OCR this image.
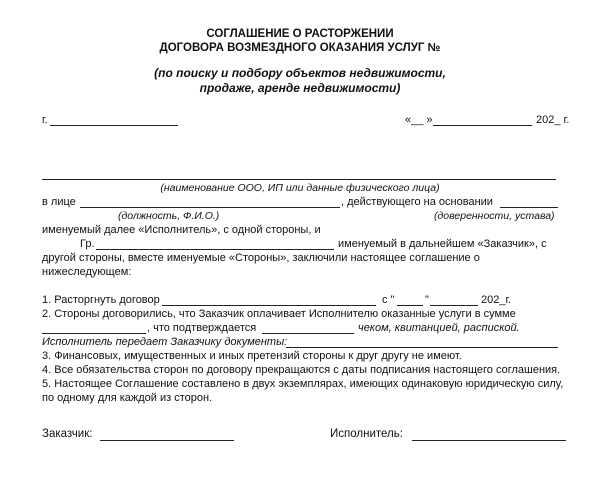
СОГЛАШЕНИЕ О РАСТОРЖЕНИИ
ДОГОВОРА ВОЗМЕЗДНОГО ОКАЗАНИЯ УСЛУГ №
(по поиску и подбору объектов недвижимости,
продаже, аренде недвижимости)
г.	«__ »	202_ г.
(наименование ООО, ИП или данные физического лица)
в лице	, действующего на основании
(должность, Ф.И.О.)	(доверенности, устава)
именуемый далее «Исполнитель», с одной стороны, и
Гр.	именуемый в дальнейшем «Заказчик», с
другой стороны, вместе именуемые «Стороны», заключили настоящее соглашение о
нижеследующем:
1. Расторгнуть договор	с "	"	202_г.
2. Стороны договорились, что Заказчик оплачивает Исполнителю оказанные услуги в сумме
, что подтверждается	чеком, квитанцией, распиской.
Исполнитель передает Заказчику документы:
3. Финансовых, имущественных и иных претензий стороны к друг другу не имеют.
4. Все обязательства сторон по договору прекращаются с даты подписания настоящего соглашения.
5. Настоящее Соглашение составлено в двух экземплярах, имеющих одинаковую юридическую силу,
по одному для каждой из сторон.
Заказчик:	Исполнитель:
